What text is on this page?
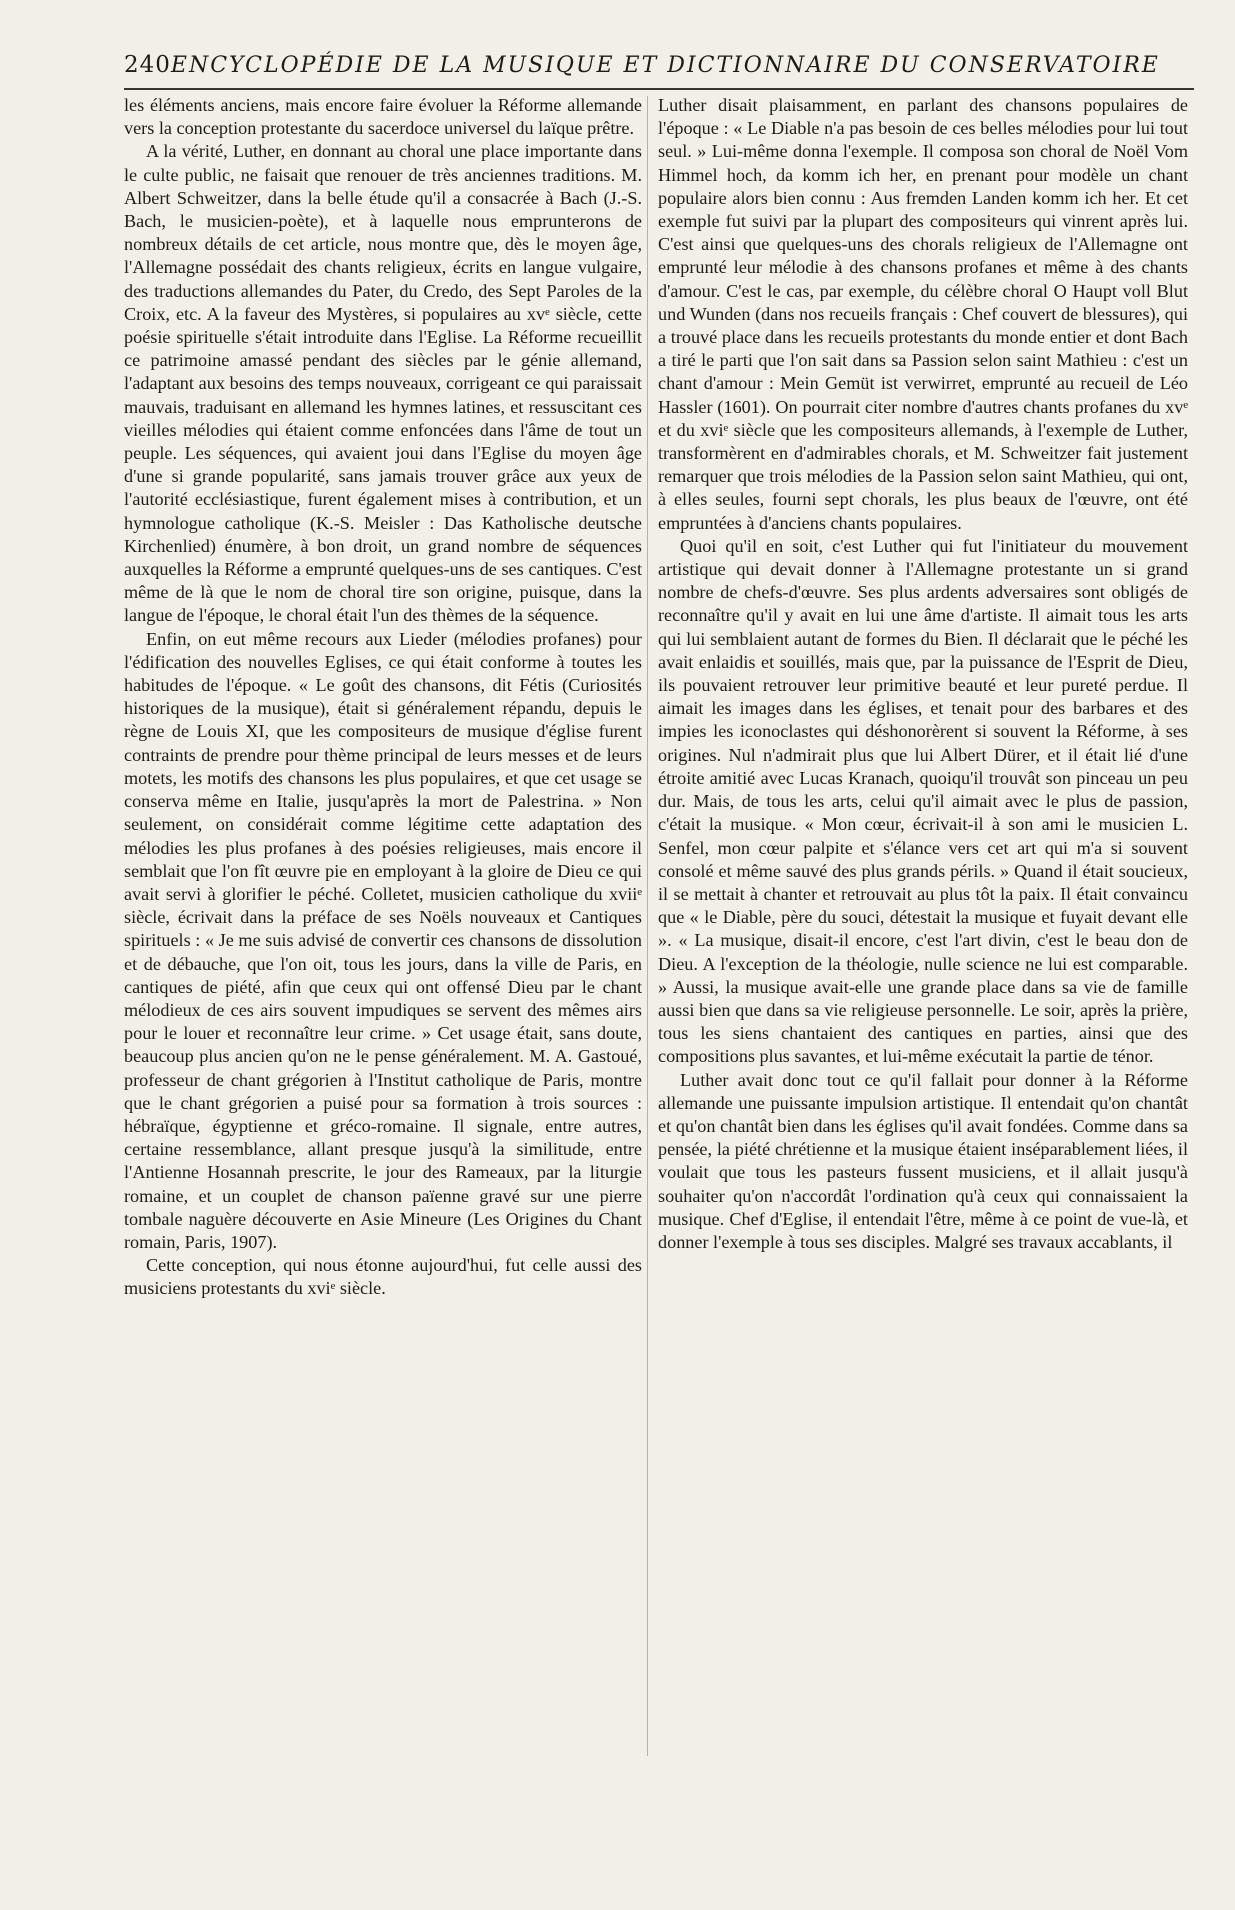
240 ENCYCLOPÉDIE DE LA MUSIQUE ET DICTIONNAIRE DU CONSERVATOIRE

les éléments anciens, mais encore faire évoluer la Réforme allemande vers la conception protestante du sacerdoce universel du laïque prêtre.

A la vérité, Luther, en donnant au choral une place importante dans le culte public, ne faisait que renouer de très anciennes traditions. M. Albert Schweitzer, dans la belle étude qu'il a consacrée à Bach (J.-S. Bach, le musicien-poète), et à laquelle nous emprunterons de nombreux détails de cet article, nous montre que, dès le moyen âge, l'Allemagne possédait des chants religieux, écrits en langue vulgaire, des traductions allemandes du Pater, du Credo, des Sept Paroles de la Croix, etc. A la faveur des Mystères, si populaires au xvᵉ siècle, cette poésie spirituelle s'était introduite dans l'Eglise. La Réforme recueillit ce patrimoine amassé pendant des siècles par le génie allemand, l'adaptant aux besoins des temps nouveaux, corrigeant ce qui paraissait mauvais, traduisant en allemand les hymnes latines, et ressuscitant ces vieilles mélodies qui étaient comme enfoncées dans l'âme de tout un peuple. Les séquences, qui avaient joui dans l'Eglise du moyen âge d'une si grande popularité, sans jamais trouver grâce aux yeux de l'autorité ecclésiastique, furent également mises à contribution, et un hymnologue catholique (K.-S. Meisler : Das Katholische deutsche Kirchenlied) énumère, à bon droit, un grand nombre de séquences auxquelles la Réforme a emprunté quelques-uns de ses cantiques. C'est même de là que le nom de choral tire son origine, puisque, dans la langue de l'époque, le choral était l'un des thèmes de la séquence.

Enfin, on eut même recours aux Lieder (mélodies profanes) pour l'édification des nouvelles Eglises, ce qui était conforme à toutes les habitudes de l'époque. « Le goût des chansons, dit Fétis (Curiosités historiques de la musique), était si généralement répandu, depuis le règne de Louis XI, que les compositeurs de musique d'église furent contraints de prendre pour thème principal de leurs messes et de leurs motets, les motifs des chansons les plus populaires, et que cet usage se conserva même en Italie, jusqu'après la mort de Palestrina. » Non seulement, on considérait comme légitime cette adaptation des mélodies les plus profanes à des poésies religieuses, mais encore il semblait que l'on fît œuvre pie en employant à la gloire de Dieu ce qui avait servi à glorifier le péché. Colletet, musicien catholique du xviiᵉ siècle, écrivait dans la préface de ses Noëls nouveaux et Cantiques spirituels : « Je me suis advisé de convertir ces chansons de dissolution et de débauche, que l'on oit, tous les jours, dans la ville de Paris, en cantiques de piété, afin que ceux qui ont offensé Dieu par le chant mélodieux de ces airs souvent impudiques se servent des mêmes airs pour le louer et reconnaître leur crime. » Cet usage était, sans doute, beaucoup plus ancien qu'on ne le pense généralement. M. A. Gastoué, professeur de chant grégorien à l'Institut catholique de Paris, montre que le chant grégorien a puisé pour sa formation à trois sources : hébraïque, égyptienne et gréco-romaine. Il signale, entre autres, certaine ressemblance, allant presque jusqu'à la similitude, entre l'Antienne Hosannah prescrite, le jour des Rameaux, par la liturgie romaine, et un couplet de chanson païenne gravé sur une pierre tombale naguère découverte en Asie Mineure (Les Origines du Chant romain, Paris, 1907).

Cette conception, qui nous étonne aujourd'hui, fut celle aussi des musiciens protestants du xviᵉ siècle.

Luther disait plaisamment, en parlant des chansons populaires de l'époque : « Le Diable n'a pas besoin de ces belles mélodies pour lui tout seul. » Lui-même donna l'exemple. Il composa son choral de Noël Vom Himmel hoch, da komm ich her, en prenant pour modèle un chant populaire alors bien connu : Aus fremden Landen komm ich her. Et cet exemple fut suivi par la plupart des compositeurs qui vinrent après lui. C'est ainsi que quelques-uns des chorals religieux de l'Allemagne ont emprunté leur mélodie à des chansons profanes et même à des chants d'amour. C'est le cas, par exemple, du célèbre choral O Haupt voll Blut und Wunden (dans nos recueils français : Chef couvert de blessures), qui a trouvé place dans les recueils protestants du monde entier et dont Bach a tiré le parti que l'on sait dans sa Passion selon saint Mathieu : c'est un chant d'amour : Mein Gemüt ist verwirret, emprunté au recueil de Léo Hassler (1601). On pourrait citer nombre d'autres chants profanes du xvᵉ et du xviᵉ siècle que les compositeurs allemands, à l'exemple de Luther, transformèrent en d'admirables chorals, et M. Schweitzer fait justement remarquer que trois mélodies de la Passion selon saint Mathieu, qui ont, à elles seules, fourni sept chorals, les plus beaux de l'œuvre, ont été empruntées à d'anciens chants populaires.

Quoi qu'il en soit, c'est Luther qui fut l'initiateur du mouvement artistique qui devait donner à l'Allemagne protestante un si grand nombre de chefs-d'œuvre. Ses plus ardents adversaires sont obligés de reconnaître qu'il y avait en lui une âme d'artiste. Il aimait tous les arts qui lui semblaient autant de formes du Bien. Il déclarait que le péché les avait enlaidis et souillés, mais que, par la puissance de l'Esprit de Dieu, ils pouvaient retrouver leur primitive beauté et leur pureté perdue. Il aimait les images dans les églises, et tenait pour des barbares et des impies les iconoclastes qui déshonorèrent si souvent la Réforme, à ses origines. Nul n'admirait plus que lui Albert Dürer, et il était lié d'une étroite amitié avec Lucas Kranach, quoiqu'il trouvât son pinceau un peu dur. Mais, de tous les arts, celui qu'il aimait avec le plus de passion, c'était la musique. « Mon cœur, écrivait-il à son ami le musicien L. Senfel, mon cœur palpite et s'élance vers cet art qui m'a si souvent consolé et même sauvé des plus grands périls. » Quand il était soucieux, il se mettait à chanter et retrouvait au plus tôt la paix. Il était convaincu que « le Diable, père du souci, détestait la musique et fuyait devant elle ». « La musique, disait-il encore, c'est l'art divin, c'est le beau don de Dieu. A l'exception de la théologie, nulle science ne lui est comparable. » Aussi, la musique avait-elle une grande place dans sa vie de famille aussi bien que dans sa vie religieuse personnelle. Le soir, après la prière, tous les siens chantaient des cantiques en parties, ainsi que des compositions plus savantes, et lui-même exécutait la partie de ténor.

Luther avait donc tout ce qu'il fallait pour donner à la Réforme allemande une puissante impulsion artistique. Il entendait qu'on chantât et qu'on chantât bien dans les églises qu'il avait fondées. Comme dans sa pensée, la piété chrétienne et la musique étaient inséparablement liées, il voulait que tous les pasteurs fussent musiciens, et il allait jusqu'à souhaiter qu'on n'accordât l'ordination qu'à ceux qui connaissaient la musique. Chef d'Eglise, il entendait l'être, même à ce point de vue-là, et donner l'exemple à tous ses disciples. Malgré ses travaux accablants, il
